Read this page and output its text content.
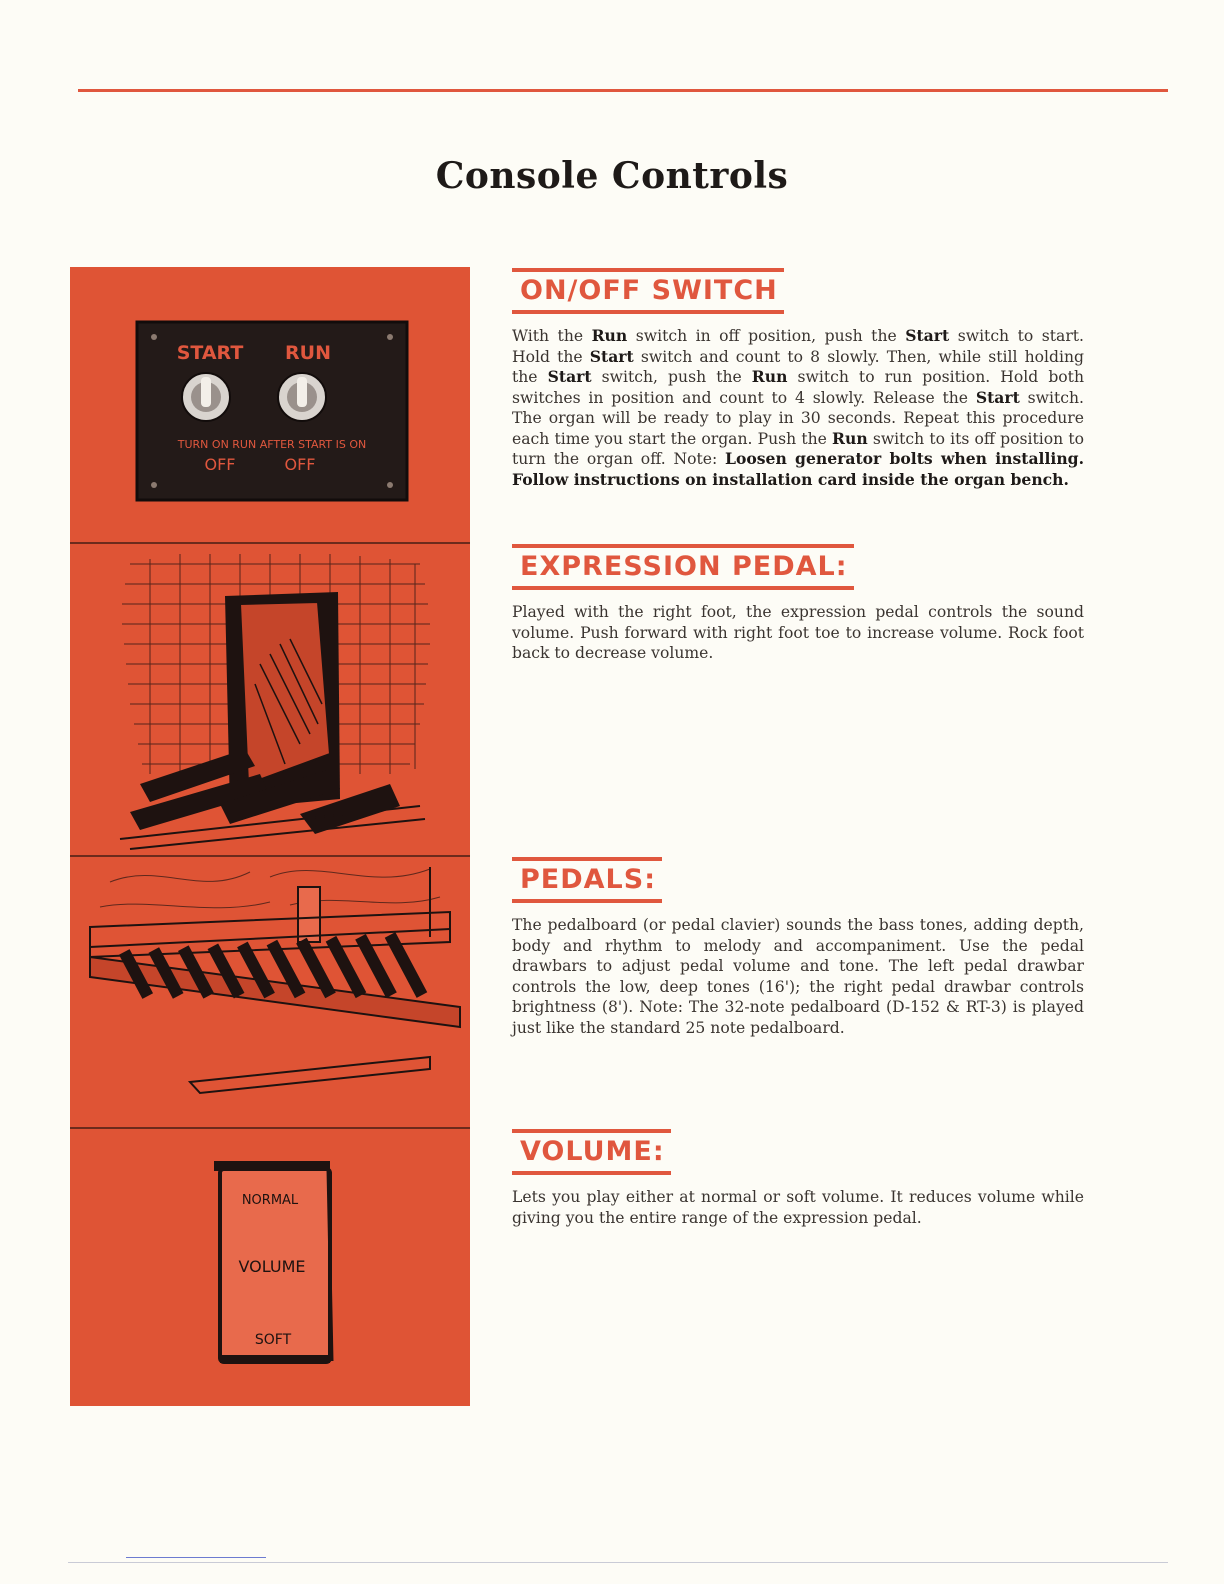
Console Controls
START RUN
TURN ON RUN AFTER START IS ON
OFF	OFF
NORMAL
VOLUME
SOFT
ON/OFF SWITCH
With the Run switch in off position, push the Start switch to start. Hold the Start switch and count to 8 slowly. Then, while still holding the Start switch, push the Run switch to run position. Hold both switches in position and count to 4 slowly. Release the Start switch. The organ will be ready to play in 30 seconds. Repeat this procedure each time you start the organ. Push the Run switch to its off position to turn the organ off. Note: Loosen generator bolts when installing. Follow instructions on installation card inside the organ bench.
EXPRESSION PEDAL:
Played with the right foot, the expression pedal controls the sound volume. Push forward with right foot toe to increase volume. Rock foot back to decrease volume.
PEDALS:
The pedalboard (or pedal clavier) sounds the bass tones, adding depth, body and rhythm to melody and accompaniment. Use the pedal drawbars to adjust pedal volume and tone. The left pedal drawbar controls the low, deep tones (16'); the right pedal drawbar controls brightness (8'). Note: The 32-note pedalboard (D-152 & RT-3) is played just like the standard 25 note pedalboard.
VOLUME:
Lets you play either at normal or soft volume. It reduces volume while giving you the entire range of the expression pedal.
